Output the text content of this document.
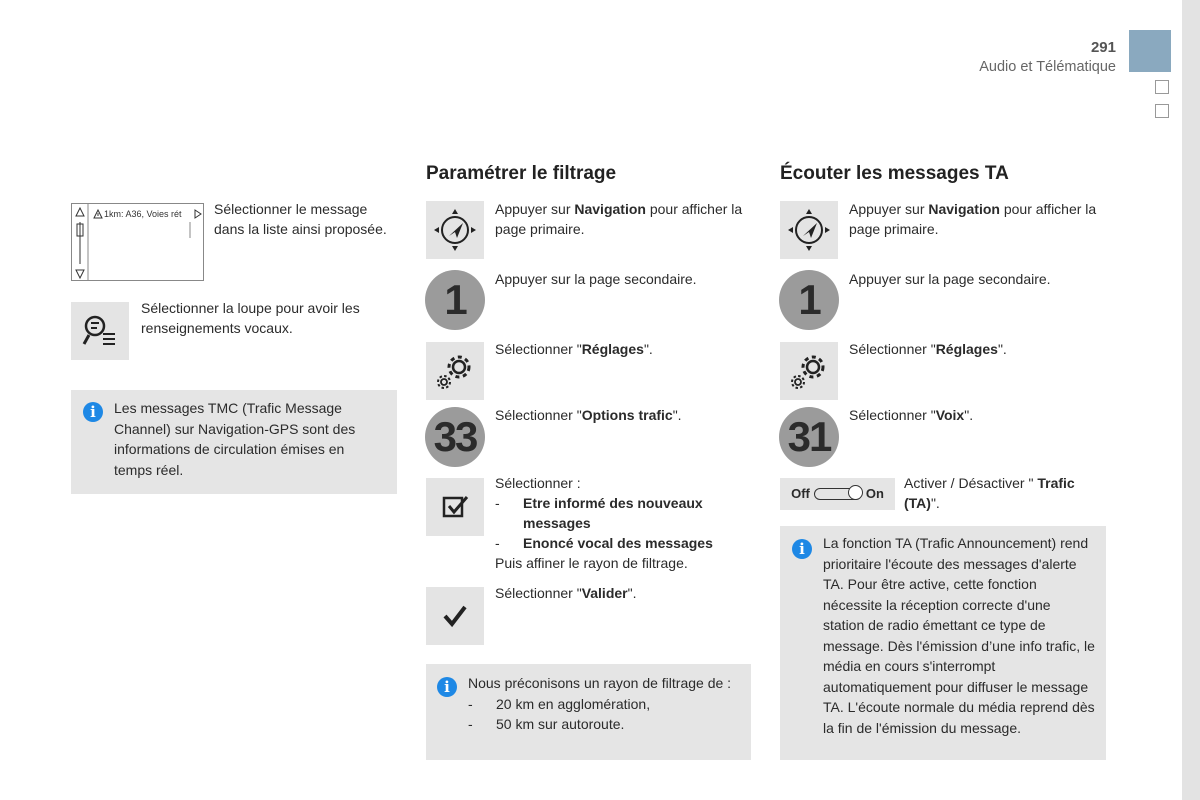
291
Audio et Télématique
1km: A36, Voies rét Sélectionner le message dans la liste ainsi proposée.
Sélectionner la loupe pour avoir les renseignements vocaux.
i	Les messages TMC (Trafic Message Channel) sur Navigation-GPS sont des informations de circulation émises en temps réel.
Paramétrer le filtrage
Appuyer sur Navigation pour afficher la page primaire.
1	Appuyer sur la page secondaire.
Sélectionner "Réglages".
33	Sélectionner "Options trafic".
Sélectionner :
- Etre informé des nouveaux messages
- Enoncé vocal des messages
Puis affiner le rayon de filtrage.
Sélectionner "Valider".
i	Nous préconisons un rayon de filtrage de :
- 20 km en agglomération,
- 50 km sur autoroute.
Écouter les messages TA
Appuyer sur Navigation pour afficher la page primaire.
1	Appuyer sur la page secondaire.
Sélectionner "Réglages".
31	Sélectionner "Voix".
Off	On
Activer / Désactiver " Trafic (TA)".
i	La fonction TA (Trafic Announcement) rend prioritaire l'écoute des messages d'alerte TA. Pour être active, cette fonction nécessite la réception correcte d'une station de radio émettant ce type de message. Dès l'émission d’une info trafic, le média en cours s'interrompt automatiquement pour diffuser le message TA. L'écoute normale du média reprend dès la fin de l'émission du message.
